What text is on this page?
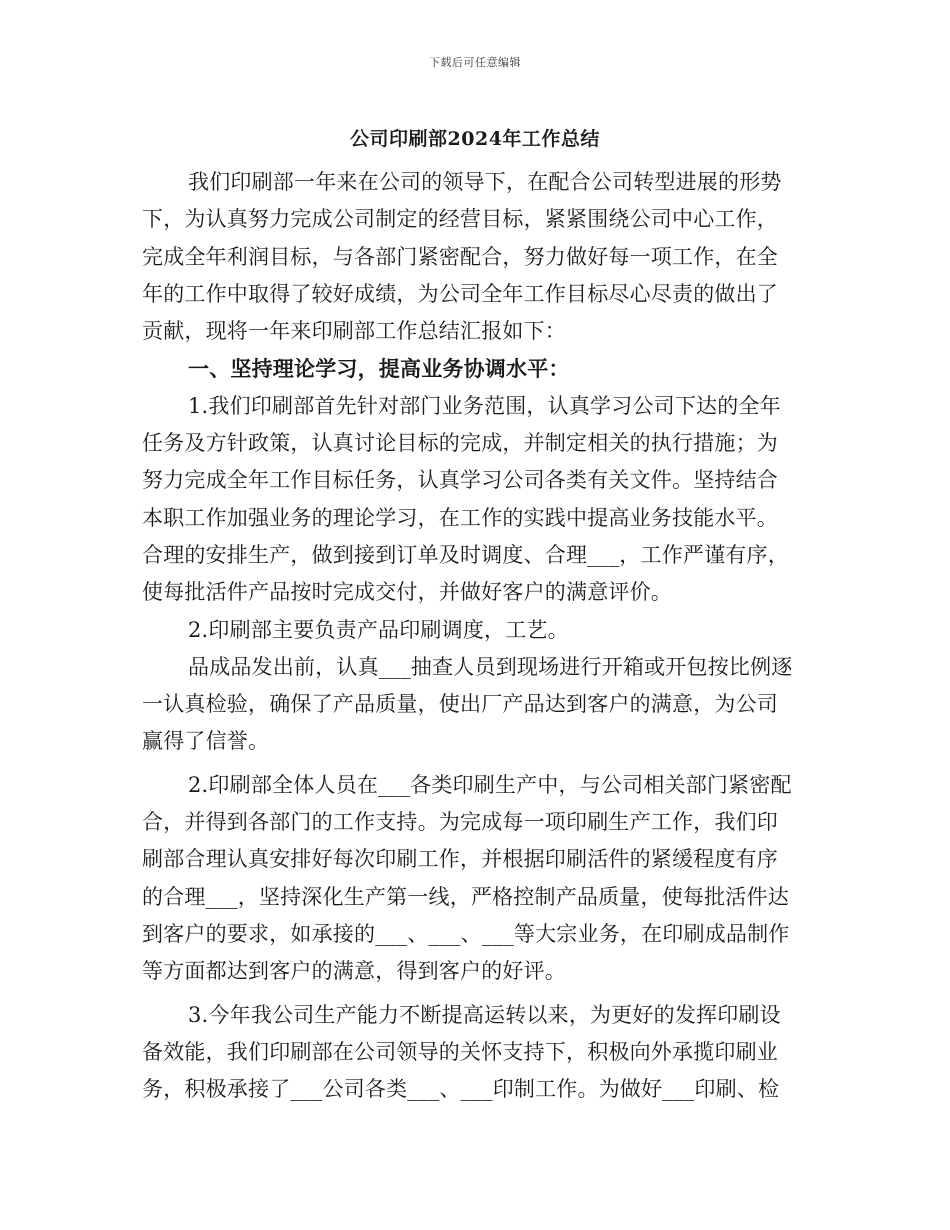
下载后可任意编辑
公司印刷部2024年工作总结
我们印刷部一年来在公司的领导下，在配合公司转型进展的形势
下，为认真努力完成公司制定的经营目标，紧紧围绕公司中心工作，
完成全年利润目标，与各部门紧密配合，努力做好每一项工作，在全
年的工作中取得了较好成绩，为公司全年工作目标尽心尽责的做出了
贡献，现将一年来印刷部工作总结汇报如下：
一、坚持理论学习，提高业务协调水平：
1.我们印刷部首先针对部门业务范围，认真学习公司下达的全年
任务及方针政策，认真讨论目标的完成，并制定相关的执行措施；为
努力完成全年工作目标任务，认真学习公司各类有关文件。坚持结合
本职工作加强业务的理论学习，在工作的实践中提高业务技能水平。
合理的安排生产，做到接到订单及时调度、合理___，工作严谨有序，
使每批活件产品按时完成交付，并做好客户的满意评价。
2.印刷部主要负责产品印刷调度，工艺。
品成品发出前，认真___抽查人员到现场进行开箱或开包按比例逐
一认真检验，确保了产品质量，使出厂产品达到客户的满意，为公司
赢得了信誉。
2.印刷部全体人员在___各类印刷生产中，与公司相关部门紧密配
合，并得到各部门的工作支持。为完成每一项印刷生产工作，我们印
刷部合理认真安排好每次印刷工作，并根据印刷活件的紧缓程度有序
的合理___，坚持深化生产第一线，严格控制产品质量，使每批活件达
到客户的要求，如承接的___、___、___等大宗业务，在印刷成品制作
等方面都达到客户的满意，得到客户的好评。
3.今年我公司生产能力不断提高运转以来，为更好的发挥印刷设
备效能，我们印刷部在公司领导的关怀支持下，积极向外承揽印刷业
务，积极承接了___公司各类___、___印制工作。为做好___印刷、检
